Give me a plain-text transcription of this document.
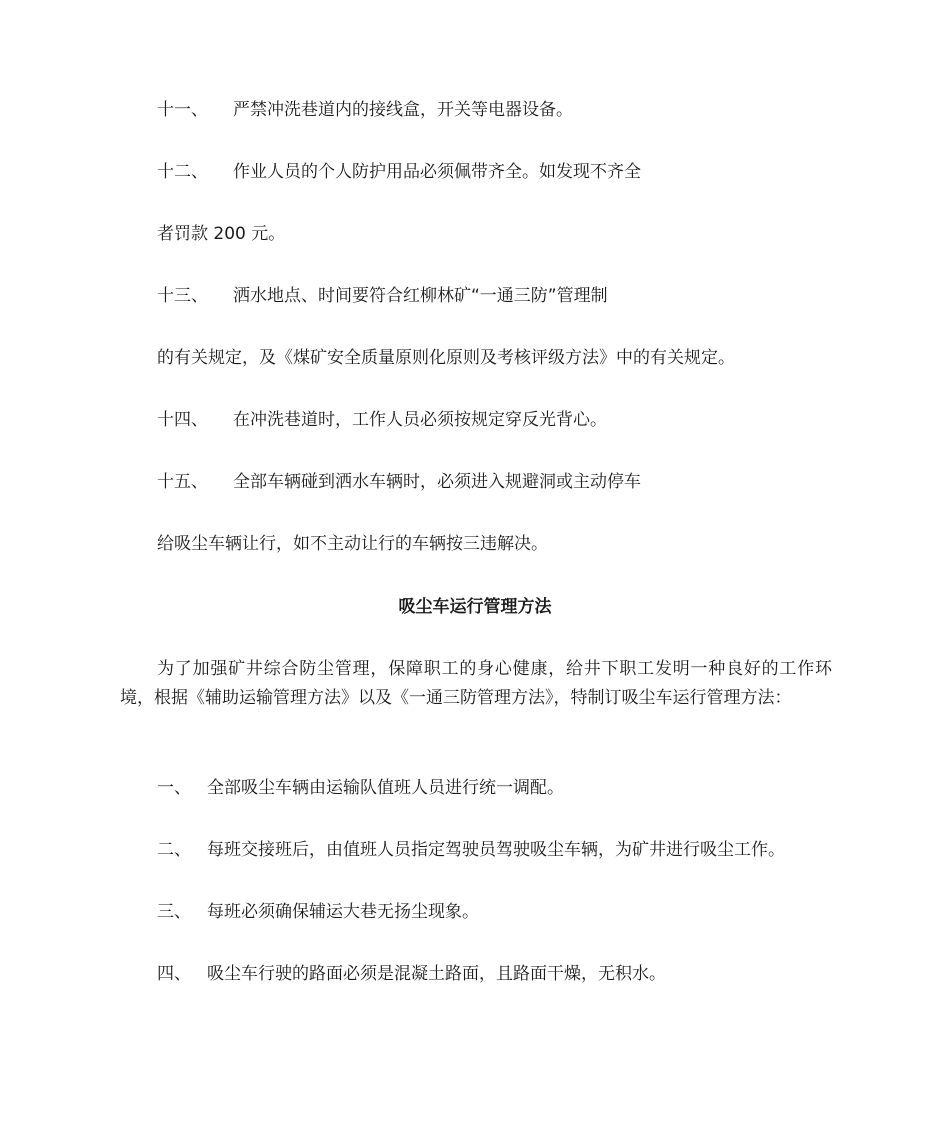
十一、 严禁冲洗巷道内的接线盒，开关等电器设备。
十二、 作业人员的个人防护用品必须佩带齐全。如发现不齐全
者罚款 200 元。
十三、 洒水地点、时间要符合红柳林矿“一通三防”管理制
的有关规定，及《煤矿安全质量原则化原则及考核评级方法》中的有关规定。
十四、 在冲洗巷道时，工作人员必须按规定穿反光背心。
十五、 全部车辆碰到洒水车辆时，必须进入规避洞或主动停车
给吸尘车辆让行，如不主动让行的车辆按三违解决。
吸尘车运行管理方法
为了加强矿井综合防尘管理，保障职工的身心健康，给井下职工发明一种良好的工作环境，根据《辅助运输管理方法》以及《一通三防管理方法》，特制订吸尘车运行管理方法：
一、 全部吸尘车辆由运输队值班人员进行统一调配。
二、 每班交接班后，由值班人员指定驾驶员驾驶吸尘车辆，为矿井进行吸尘工作。
三、 每班必须确保辅运大巷无扬尘现象。
四、 吸尘车行驶的路面必须是混凝土路面，且路面干燥，无积水。
